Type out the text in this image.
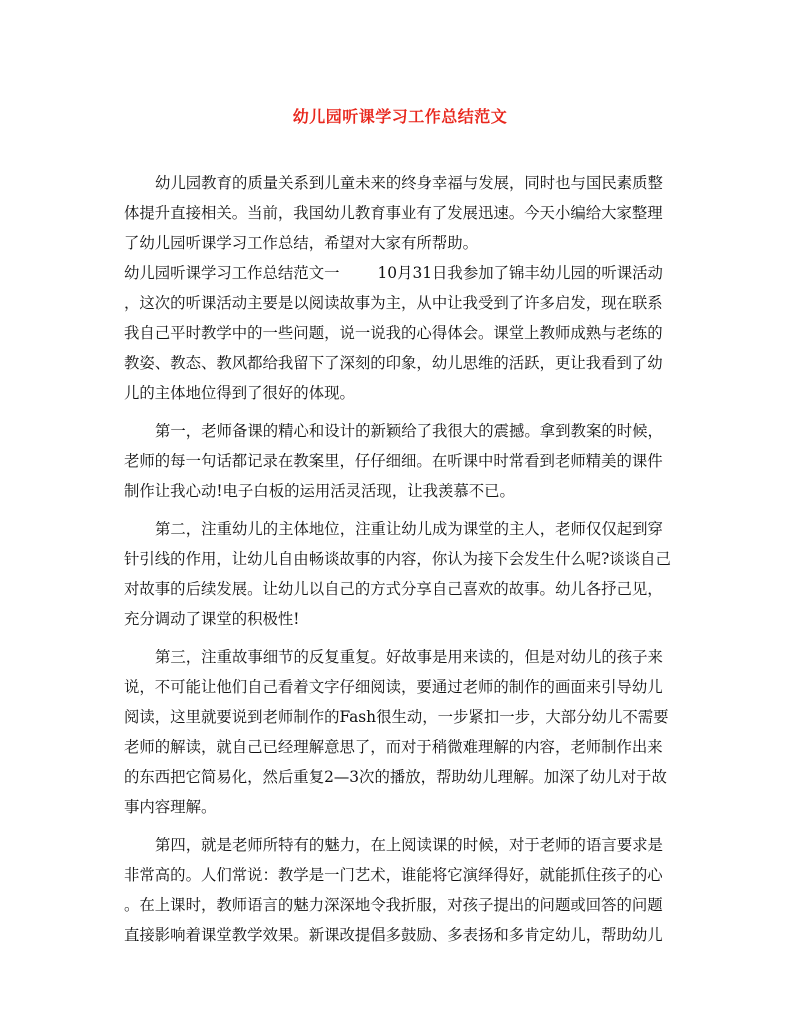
幼儿园听课学习工作总结范文
幼儿园教育的质量关系到儿童未来的终身幸福与发展，同时也与国民素质整
体提升直接相关。当前，我国幼儿教育事业有了发展迅速。今天小编给大家整理
了幼儿园听课学习工作总结，希望对大家有所帮助。
幼儿园听课学习工作总结范文一 10月31日我参加了锦丰幼儿园的听课活动
，这次的听课活动主要是以阅读故事为主，从中让我受到了许多启发，现在联系
我自己平时教学中的一些问题，说一说我的心得体会。课堂上教师成熟与老练的
教姿、教态、教风都给我留下了深刻的印象，幼儿思维的活跃，更让我看到了幼
儿的主体地位得到了很好的体现。
第一，老师备课的精心和设计的新颖给了我很大的震撼。拿到教案的时候，
老师的每一句话都记录在教案里，仔仔细细。在听课中时常看到老师精美的课件
制作让我心动!电子白板的运用活灵活现，让我羡慕不已。
第二，注重幼儿的主体地位，注重让幼儿成为课堂的主人，老师仅仅起到穿
针引线的作用，让幼儿自由畅谈故事的内容，你认为接下会发生什么呢?谈谈自己
对故事的后续发展。让幼儿以自己的方式分享自己喜欢的故事。幼儿各抒己见，
充分调动了课堂的积极性!
第三，注重故事细节的反复重复。好故事是用来读的，但是对幼儿的孩子来
说，不可能让他们自己看着文字仔细阅读，要通过老师的制作的画面来引导幼儿
阅读，这里就要说到老师制作的Fash很生动，一步紧扣一步，大部分幼儿不需要
老师的解读，就自己已经理解意思了，而对于稍微难理解的内容，老师制作出来
的东西把它简易化，然后重复2—3次的播放，帮助幼儿理解。加深了幼儿对于故
事内容理解。
第四，就是老师所特有的魅力，在上阅读课的时候，对于老师的语言要求是
非常高的。人们常说：教学是一门艺术，谁能将它演绎得好，就能抓住孩子的心
。在上课时，教师语言的魅力深深地令我折服，对孩子提出的问题或回答的问题
直接影响着课堂教学效果。新课改提倡多鼓励、多表扬和多肯定幼儿，帮助幼儿
